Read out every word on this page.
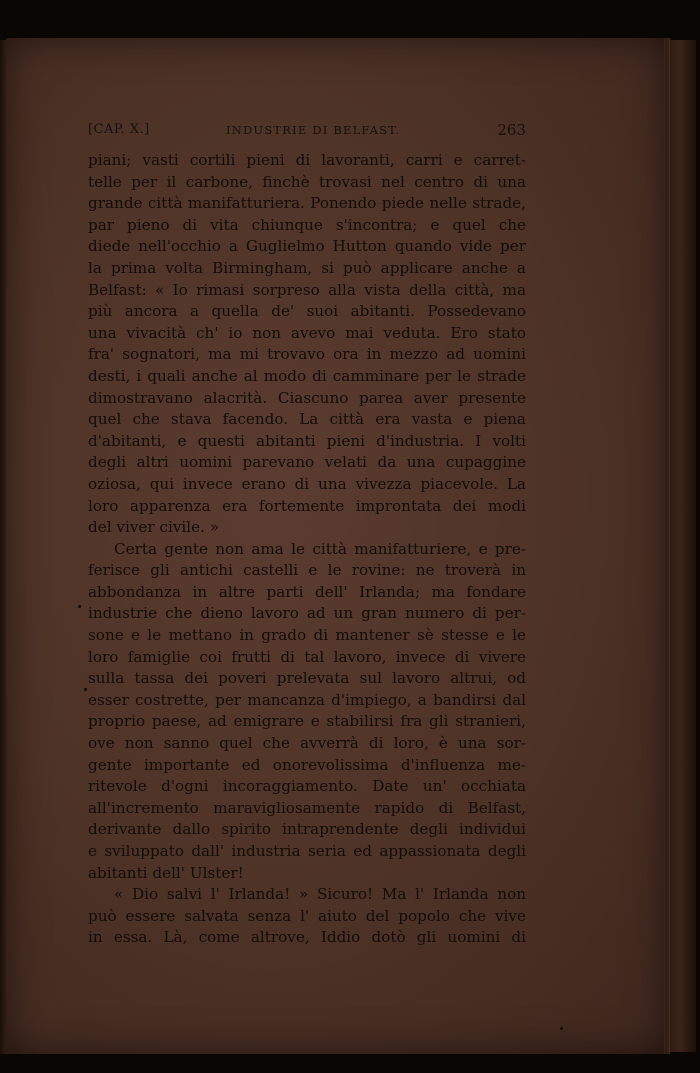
[CAP. X.]	INDUSTRIE DI BELFAST.	263
piani; vasti cortili pieni di lavoranti, carri e carret-
telle per il carbone, finchè trovasi nel centro di una
grande città manifatturiera. Ponendo piede nelle strade,
par pieno di vita chiunque s'incontra; e quel che
diede nell'occhio a Guglielmo Hutton quando vide per
la prima volta Birmingham, si può applicare anche a
Belfast: « Io rimasi sorpreso alla vista della città, ma
più ancora a quella de' suoi abitanti. Possedevano
una vivacità ch' io non avevo mai veduta. Ero stato
fra' sognatori, ma mi trovavo ora in mezzo ad uomini
desti, i quali anche al modo di camminare per le strade
dimostravano alacrità. Ciascuno parea aver presente
quel che stava facendo. La città era vasta e piena
d'abitanti, e questi abitanti pieni d'industria. I volti
degli altri uomini parevano velati da una cupaggine
oziosa, qui invece erano di una vivezza piacevole. La
loro apparenza era fortemente improntata dei modi
del viver civile. »
Certa gente non ama le città manifatturiere, e pre-
ferisce gli antichi castelli e le rovine: ne troverà in
abbondanza in altre parti dell' Irlanda; ma fondare
industrie che dieno lavoro ad un gran numero di per-
sone e le mettano in grado di mantener sè stesse e le
loro famiglie coi frutti di tal lavoro, invece di vivere
sulla tassa dei poveri prelevata sul lavoro altrui, od
esser costrette, per mancanza d'impiego, a bandirsi dal
proprio paese, ad emigrare e stabilirsi fra gli stranieri,
ove non sanno quel che avverrà di loro, è una sor-
gente importante ed onorevolissima d'influenza me-
ritevole d'ogni incoraggiamento. Date un' occhiata
all'incremento maravigliosamente rapido di Belfast,
derivante dallo spirito intraprendente degli individui
e sviluppato dall' industria seria ed appassionata degli
abitanti dell' Ulster!
« Dio salvi l' Irlanda! » Sicuro! Ma l' Irlanda non
può essere salvata senza l' aiuto del popolo che vive
in essa. Là, come altrove, Iddio dotò gli uomini di
